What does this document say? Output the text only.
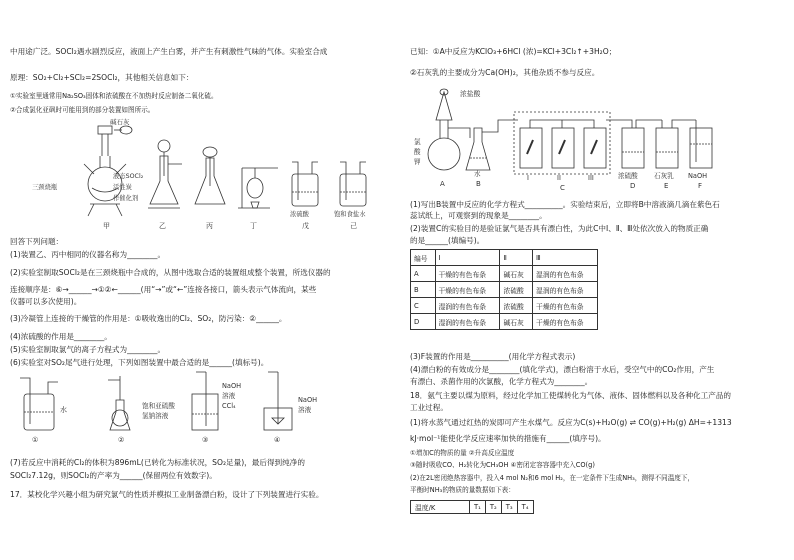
中用途广泛。SOCl₂遇水剧烈反应，液面上产生白雾，并产生有刺激性气味的气体。实验室合成
原理：SO₂+Cl₂+SCl₂=2SOCl₂，其他相关信息如下：
①实验室里通常用Na₂SO₃固体和浓硫酸在不加热时反应制备二氧化硫。
②合成氯化亚砜时可能用到的部分装置如图所示。
碱石灰
三颈烧瓶
液态SOCl₂
活性炭
作催化剂
甲	乙	丙	丁
浓硫酸
戊
饱和食盐水
己
回答下列问题：
(1)装置乙、丙中相同的仪器名称为________。
(2)实验室制取SOCl₂是在三颈烧瓶中合成的，从图中选取合适的装置组成整个装置，所选仪器的
连接顺序是：⑥→______→①②←______(用“→”或“←”连接各接口，箭头表示气体流向，某些
仪器可以多次使用)。
(3)冷凝管上连接的干燥管的作用是：①吸收逸出的Cl₂、SO₂，防污染：②______。
(4)浓硫酸的作用是________。
(5)实验室制取氯气的离子方程式为________。
(6)实验室对SO₂尾气进行处理，下列如图装置中最合适的是______(填标号)。
水
①
饱和亚硫酸
氢钠溶液
②
NaOH
溶液
CCl₄
③
NaOH
溶液
④
(7)若反应中消耗的Cl₂的体积为896mL(已转化为标准状况，SO₂足量)，最后得到纯净的
SOCl₂7.12g，则SOCl₂的产率为______(保留两位有效数字)。
17．某校化学兴趣小组为研究氯气的性质并模拟工业制备漂白粉，设计了下列装置进行实验。
已知：①A中反应为KClO₃+6HCl (浓)=KCl+3Cl₂↑+3H₂O；
②石灰乳的主要成分为Ca(OH)₂，其他杂质不参与反应。
浓盐酸
氯
酸
钾
A
水
B
I	II	III
C
浓硫酸
D
石灰乳
E
NaOH
F
(1)写出B装置中反应的化学方程式__________。实验结束后，立即将B中溶液滴几滴在紫色石
蕊试纸上，可观察到的现象是________。
(2)装置C的实验目的是验证氯气是否具有漂白性，为此C中Ⅰ、Ⅱ、Ⅲ处依次放入的物质正确
的是______(填编号)。
编号	Ⅰ	Ⅱ	Ⅲ
A	干燥的有色布条	碱石灰	湿润的有色布条
B	干燥的有色布条	浓硫酸	湿润的有色布条
C	湿润的有色布条	浓硫酸	干燥的有色布条
D	湿润的有色布条	碱石灰	干燥的有色布条
(3)F装置的作用是__________(用化学方程式表示)
(4)漂白粉的有效成分是________(填化学式)，漂白粉溶于水后，受空气中的CO₂作用，产生
有漂白、杀菌作用的次氯酸，化学方程式为________。
18．氨气主要以煤为原料，经过化学加工使煤转化为气体、液体、固体燃料以及各种化工产品的
工业过程。
(1)将水蒸气通过红热的炭即可产生水煤气。反应为C(s)+H₂O(g) ⇌ CO(g)+H₂(g) ΔH=+1313
kJ·mol⁻¹能使化学反应速率加快的措施有______(填序号)。
①增加C的物质的量 ②升高反应温度
③随时吸收CO、H₂转化为CH₃OH ④密闭定容容器中充入CO(g)
(2)在2L密闭绝热容器中，投入4 mol N₂和6 mol H₂，在一定条件下生成NH₃，测得不同温度下，
平衡时NH₃的物质的量数据如下表：
温度/K	T₁	T₂	T₃	T₄
